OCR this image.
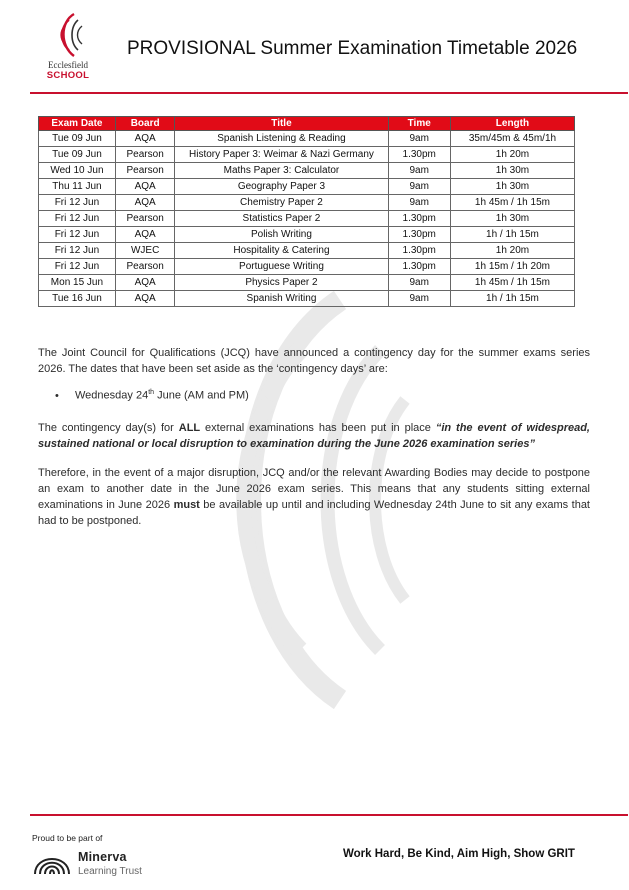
Ecclesfield
SCHOOL
PROVISIONAL Summer Examination Timetable 2026
Exam Date	Board	Title	Time	Length
Tue 09 Jun	AQA	Spanish Listening & Reading	9am	35m/45m & 45m/1h
Tue 09 Jun	Pearson	History Paper 3: Weimar & Nazi Germany	1.30pm	1h 20m
Wed 10 Jun	Pearson	Maths Paper 3: Calculator	9am	1h 30m
Thu 11 Jun	AQA	Geography Paper 3	9am	1h 30m
Fri 12 Jun	AQA	Chemistry Paper 2	9am	1h 45m / 1h 15m
Fri 12 Jun	Pearson	Statistics Paper 2	1.30pm	1h 30m
Fri 12 Jun	AQA	Polish Writing	1.30pm	1h / 1h 15m
Fri 12 Jun	WJEC	Hospitality & Catering	1.30pm	1h 20m
Fri 12 Jun	Pearson	Portuguese Writing	1.30pm	1h 15m / 1h 20m
Mon 15 Jun	AQA	Physics Paper 2	9am	1h 45m / 1h 15m
Tue 16 Jun	AQA	Spanish Writing	9am	1h / 1h 15m
The Joint Council for Qualifications (JCQ) have announced a contingency day for the summer exams series 2026. The dates that have been set aside as the ‘contingency days’ are:
• Wednesday 24th June (AM and PM)
The contingency day(s) for ALL external examinations has been put in place “in the event of widespread, sustained national or local disruption to examination during the June 2026 examination series”
Therefore, in the event of a major disruption, JCQ and/or the relevant Awarding Bodies may decide to postpone an exam to another date in the June 2026 exam series. This means that any students sitting external examinations in June 2026 must be available up until and including Wednesday 24th June to sit any exams that had to be postponed.
Proud to be part of
Minerva
Learning Trust
Work Hard, Be Kind, Aim High, Show GRIT
